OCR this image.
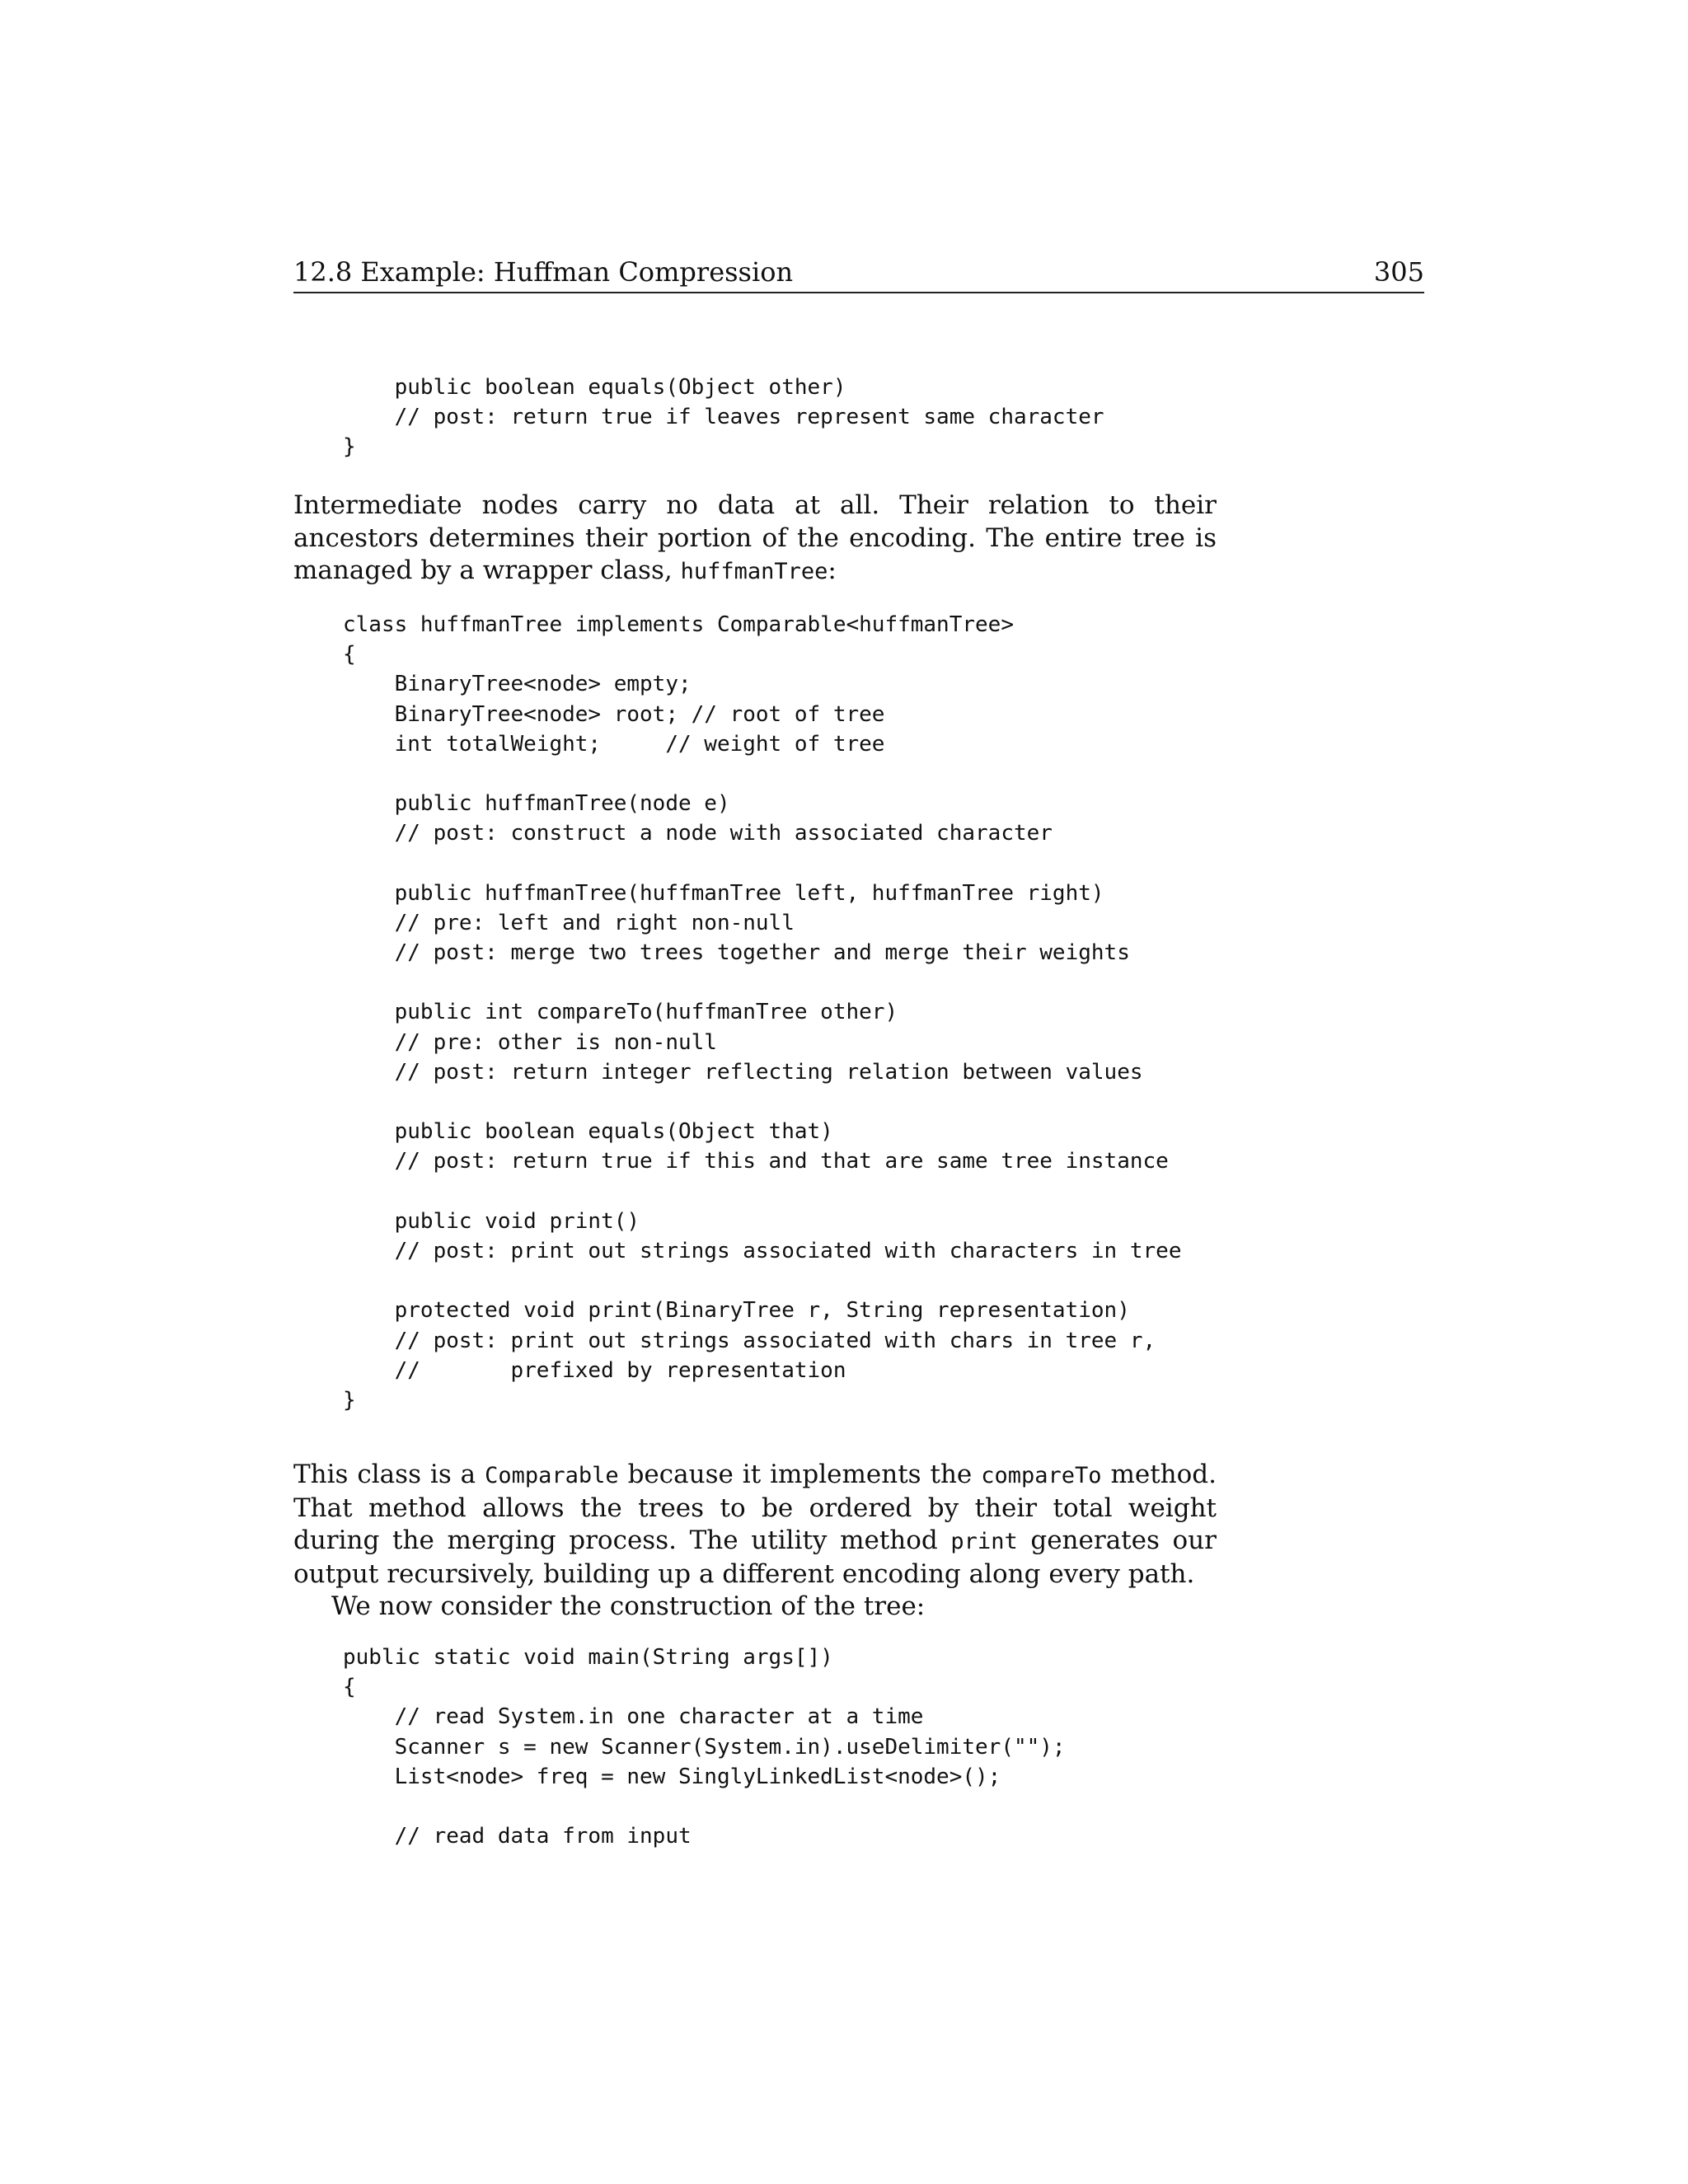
12.8 Example: Huffman Compression	305
public boolean equals(Object other)
// post: return true if leaves represent same character
}

Intermediate nodes carry no data at all. Their relation to their ancestors determines their portion of the encoding. The entire tree is managed by a wrapper class, huffmanTree:

class huffmanTree implements Comparable<huffmanTree>
{
BinaryTree<node> empty;
BinaryTree<node> root; // root of tree
int totalWeight;     // weight of tree
public huffmanTree(node e)
// post: construct a node with associated character
public huffmanTree(huffmanTree left, huffmanTree right)
// pre: left and right non-null
// post: merge two trees together and merge their weights
public int compareTo(huffmanTree other)
// pre: other is non-null
// post: return integer reflecting relation between values
public boolean equals(Object that)
// post: return true if this and that are same tree instance
public void print()
// post: print out strings associated with characters in tree
protected void print(BinaryTree r, String representation)
// post: print out strings associated with chars in tree r,
//       prefixed by representation
}

This class is a Comparable because it implements the compareTo method. That method allows the trees to be ordered by their total weight during the merging process. The utility method print generates our output recursively, building up a different encoding along every path.

We now consider the construction of the tree:

public static void main(String args[])
{
// read System.in one character at a time
Scanner s = new Scanner(System.in).useDelimiter("");
List<node> freq = new SinglyLinkedList<node>();
// read data from input
